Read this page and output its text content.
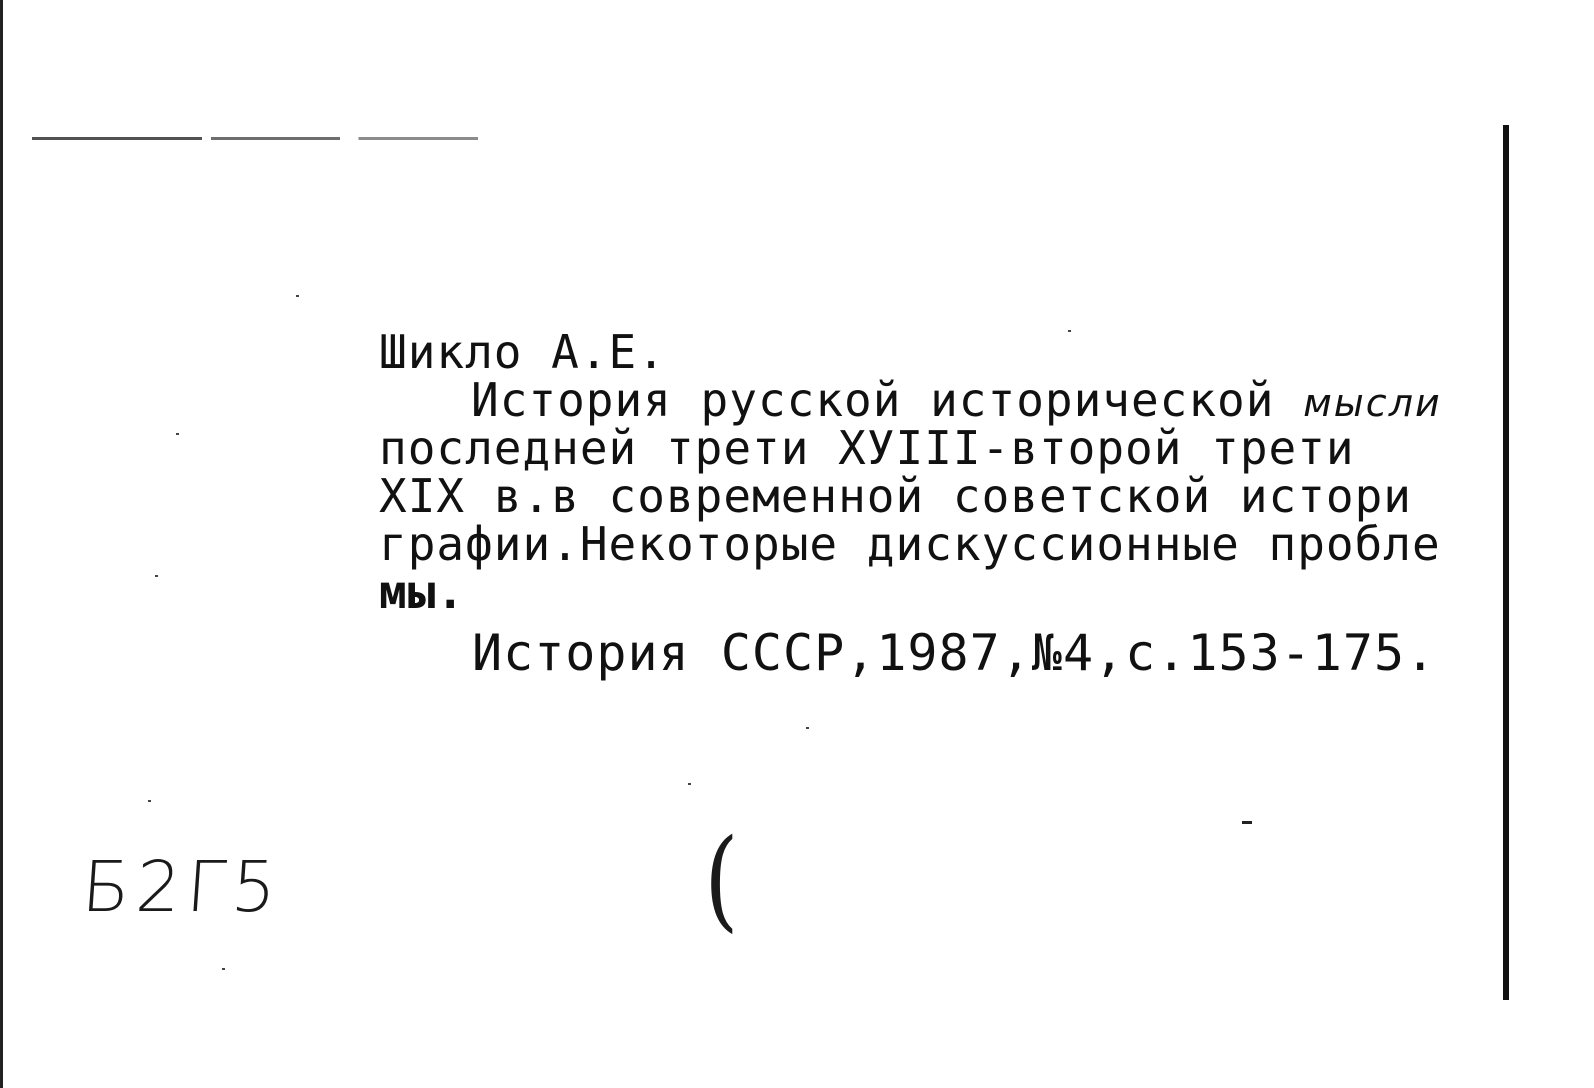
Шикло А.Е.
История русской исторической мысли
последней трети ХУIII-второй трети
XIX в.в современной советской истори
графии.Некоторые дискуссионные пробле
мы.
История СССР,1987,№4,с.153-175.
Б2Г5	(
